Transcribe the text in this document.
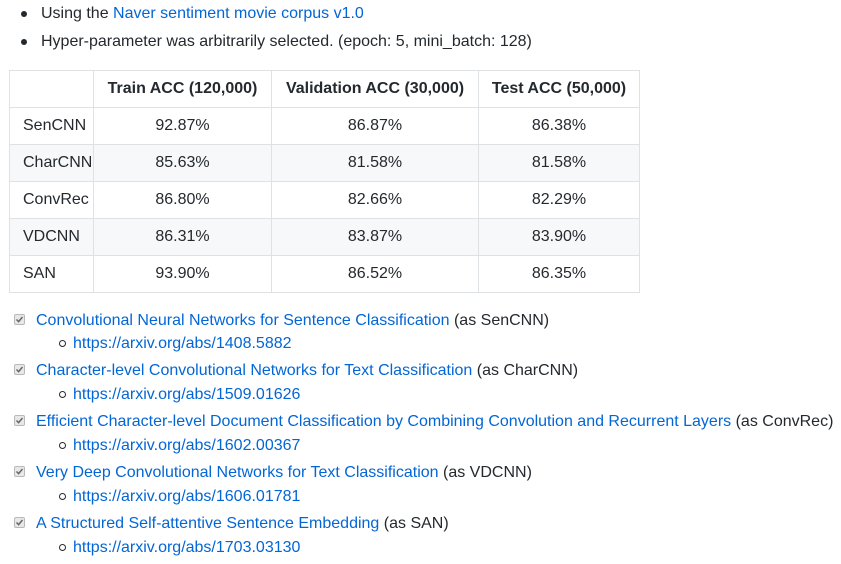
Using the Naver sentiment movie corpus v1.0
Hyper-parameter was arbitrarily selected. (epoch: 5, mini_batch: 128)
	Train ACC (120,000)	Validation ACC (30,000)	Test ACC (50,000)
SenCNN	92.87%	86.87%	86.38%
CharCNN	85.63%	81.58%	81.58%
ConvRec	86.80%	82.66%	82.29%
VDCNN	86.31%	83.87%	83.90%
SAN	93.90%	86.52%	86.35%
Convolutional Neural Networks for Sentence Classification (as SenCNN)
https://arxiv.org/abs/1408.5882
Character-level Convolutional Networks for Text Classification (as CharCNN)
https://arxiv.org/abs/1509.01626
Efficient Character-level Document Classification by Combining Convolution and Recurrent Layers (as ConvRec)
https://arxiv.org/abs/1602.00367
Very Deep Convolutional Networks for Text Classification (as VDCNN)
https://arxiv.org/abs/1606.01781
A Structured Self-attentive Sentence Embedding (as SAN)
https://arxiv.org/abs/1703.03130
